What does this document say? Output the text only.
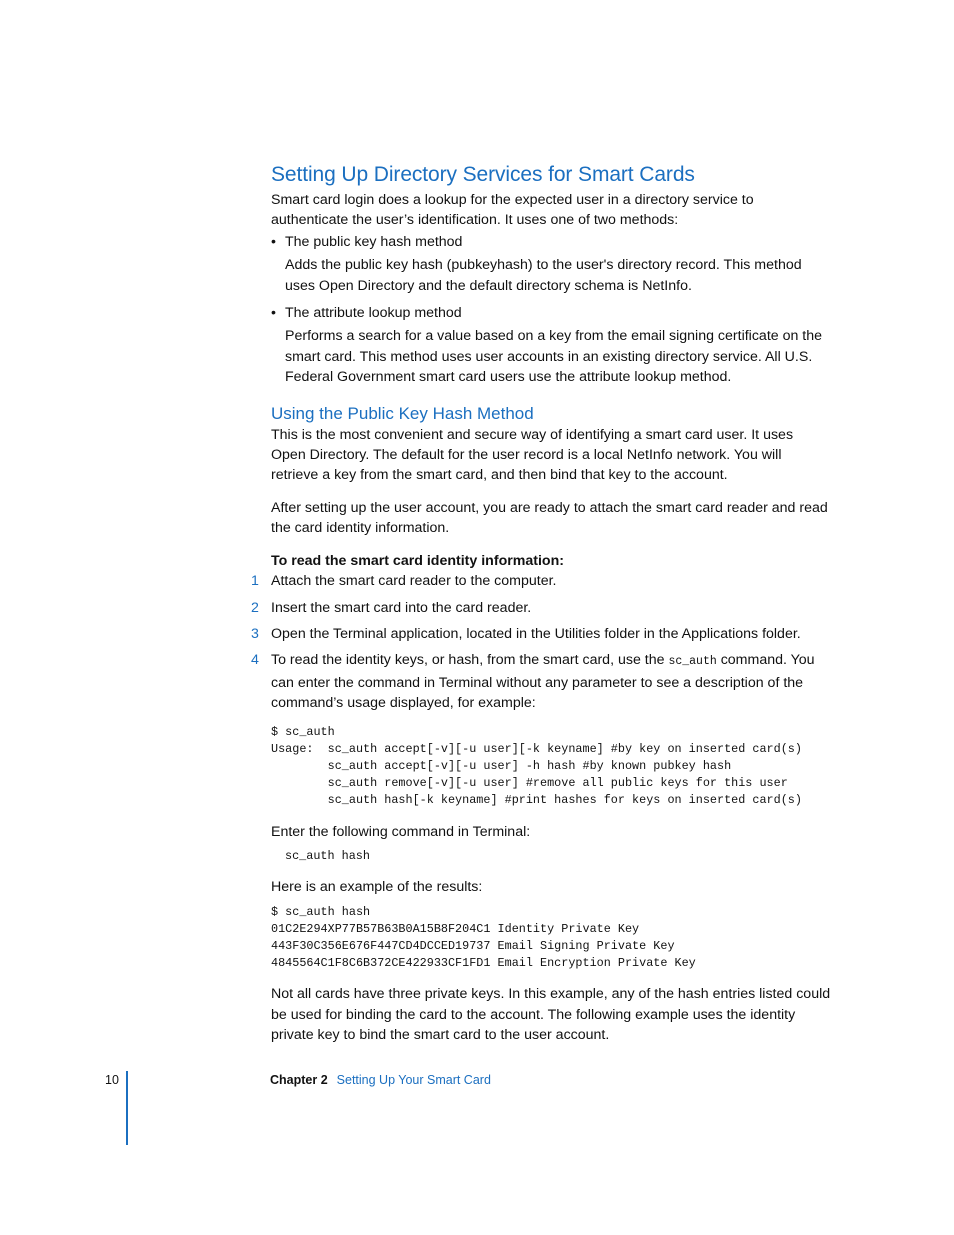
Setting Up Directory Services for Smart Cards

Smart card login does a lookup for the expected user in a directory service to authenticate the user’s identification. It uses one of two methods:

• The public key hash method
Adds the public key hash (pubkeyhash) to the user's directory record. This method uses Open Directory and the default directory schema is NetInfo.
• The attribute lookup method
Performs a search for a value based on a key from the email signing certificate on the smart card. This method uses user accounts in an existing directory service. All U.S. Federal Government smart card users use the attribute lookup method.
Using the Public Key Hash Method

This is the most convenient and secure way of identifying a smart card user. It uses Open Directory. The default for the user record is a local NetInfo network. You will retrieve a key from the smart card, and then bind that key to the account.

After setting up the user account, you are ready to attach the smart card reader and read the card identity information.

To read the smart card identity information:
1 Attach the smart card reader to the computer.
2 Insert the smart card into the card reader.
3 Open the Terminal application, located in the Utilities folder in the Applications folder.
4 To read the identity keys, or hash, from the smart card, use the sc_auth command. You can enter the command in Terminal without any parameter to see a description of the command’s usage displayed, for example:
$ sc_auth
Usage:  sc_auth accept[-v][-u user][-k keyname] #by key on inserted card(s)
sc_auth accept[-v][-u user] -h hash #by known pubkey hash
sc_auth remove[-v][-u user] #remove all public keys for this user
sc_auth hash[-k keyname] #print hashes for keys on inserted card(s)

Enter the following command in Terminal:

sc_auth hash

Here is an example of the results:

$ sc_auth hash
01C2E294XP77B57B63B0A15B8F204C1 Identity Private Key
443F30C356E676F447CD4DCCED19737 Email Signing Private Key
4845564C1F8C6B372CE422933CF1FD1 Email Encryption Private Key

Not all cards have three private keys. In this example, any of the hash entries listed could be used for binding the card to the account. The following example uses the identity private key to bind the smart card to the user account.

10	Chapter 2 Setting Up Your Smart Card
